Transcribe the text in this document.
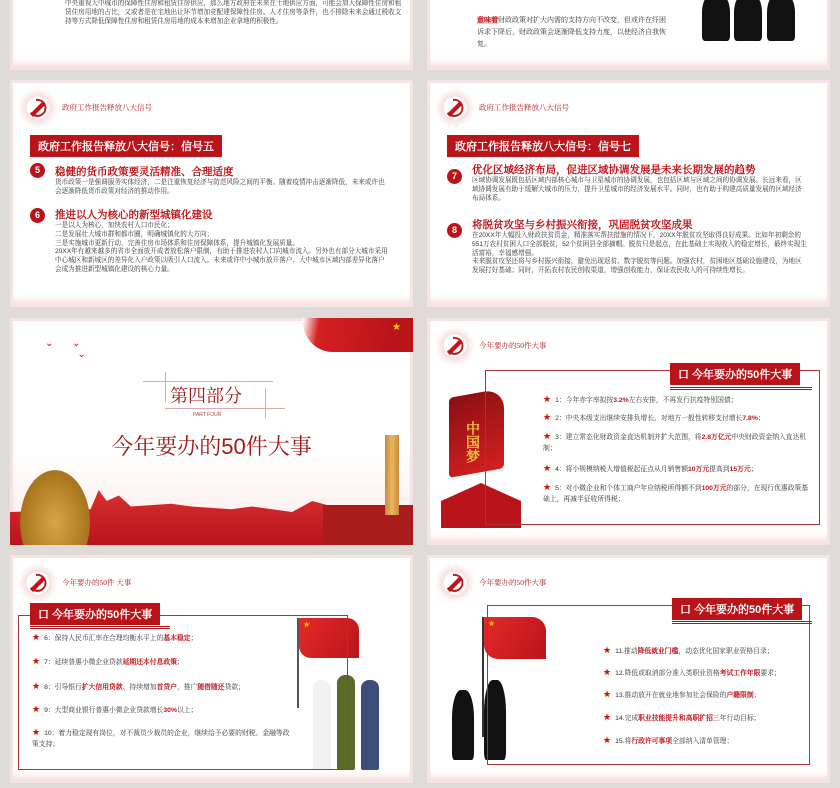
中央重视大中城市的保障性住房和租赁住房供应，那么地方政府在未来在土地供应方面，可能会加大保障性住房和租赁住房用地的占比，又或者是在宅地出让环节增加竞配建保障性住房、人才住房等条件，也不排除未来会通过税收支持等方式降低保障性住房和租赁住房用地的成本来增加企业拿地的积极性。	意味着财政政策对扩大内需的支持方向不改变，但或许在纾困诉求下降后，财政政策会逐渐降低支持力度，以使经济自我恢复。
政府工作报告释放八大信号
政府工作报告释放八大信号：信号五
5	稳健的货币政策要灵活精准、合理适度
货币政策一是强调服务实体经济，二是注重恢复经济与防范风险之间的平衡。随着疫情冲击逐渐降低，未来或许也会逐渐降低货币政策对经济的推动作用。
6	推进以人为核心的新型城镇化建设
一是以人为核心，加快农村人口市民化；
二是发展壮大城市群和都市圈，明确城镇化的大方向；
三是实施城市更新行动，完善住房市场体系和住房保障体系，提升城镇化发展质量。
20XX年有越来越多的省市全面放开或者放松落户限制，有助于推进农村人口向城市流入。另外也有部分大城市采用中心城区和新城区的差异化入户政策以吸引人口流入。未来或许中小城市放开落户、大中城市区域内部差异化落户会成为推进新型城镇化建设的核心力量。
政府工作报告释放八大信号
政府工作报告释放八大信号：信号七
7	优化区域经济布局，促进区域协调发展是未来长期发展的趋势
区域协调发展既包括区域内部核心城市与卫星城市的协调发展，也包括区域与区域之间的协调发展。长远来看，区域协调发展有助于缓解大城市的压力，提升卫星城市的经济发展水平。同时，也有助于构建高质量发展的区域经济布局体系。
8	将脱贫攻坚与乡村振兴衔接，巩固脱贫攻坚成果
在20XX年大幅投入财政扶贫资金，精准落实帮扶措施的情况下，20XX年脱贫攻坚取得良好成果。比如年初剩余的551万农村贫困人口全部脱贫，52个贫困县全部摘帽。脱贫只是起点，在此基础上实现收入的稳定增长，最终实现生活富裕，幸福感增强。
未来脱贫攻坚还将与乡村振兴衔接，避免出现返贫、数字脱贫等问题。加强农村，贫困地区基础设施建设，为地区发展打好基础；同时，开拓农村农民创收渠道，增强创收能力，保证农民收入的可持续性增长。
★
⌄ ⌄
⌄
第四部分
PART FOUR
今年要办的50件大事	中国梦
今年要办的50件大事
口 今年要办的50件大事
★ 1：今年赤字率拟按3.2%左右安排，不再发行抗疫特别国债；
★ 2：中央本级支出继续安排负增长，对地方一般性转移支付增长7.8%；
★ 3：建立常态化财政资金直达机制并扩大范围，将2.8万亿元中央财政资金纳入直达机制；
★ 4：将小规模纳税人增值税起征点从月销售额10万元提高到15万元；
★ 5：对小微企业和个体工商户年应纳税所得额不到100万元的部分，在现行优惠政策基础上，再减半征收所得税；
★
今年要办的50件 大事
口 今年要办的50件大事
★ 6：保持人民币汇率在合理均衡水平上的基本稳定；
★ 7：延续普惠小微企业贷款延期还本付息政策；
★ 8：引导银行扩大信用贷款、持续增加首贷户，推广随借随还贷款；
★ 9：大型商业银行普惠小微企业贷款增长30%以上；
★ 10：着力稳定现有岗位，对不裁员少裁员的企业，继续给予必要的财税、金融等政策支持；
★
今年要办的50件大事
口 今年要办的50件大事
★ 11.推动降低就业门槛，动态优化国家职业资格目录；
★ 12.降低或取消部分准入类职业资格考试工作年限要求；
★ 13.推动放开在就业地参加社会保险的户籍限制；
★ 14.完成职业技能提升和高职扩招三年行动目标；
★ 15.将行政许可事项全部纳入清单管理；
